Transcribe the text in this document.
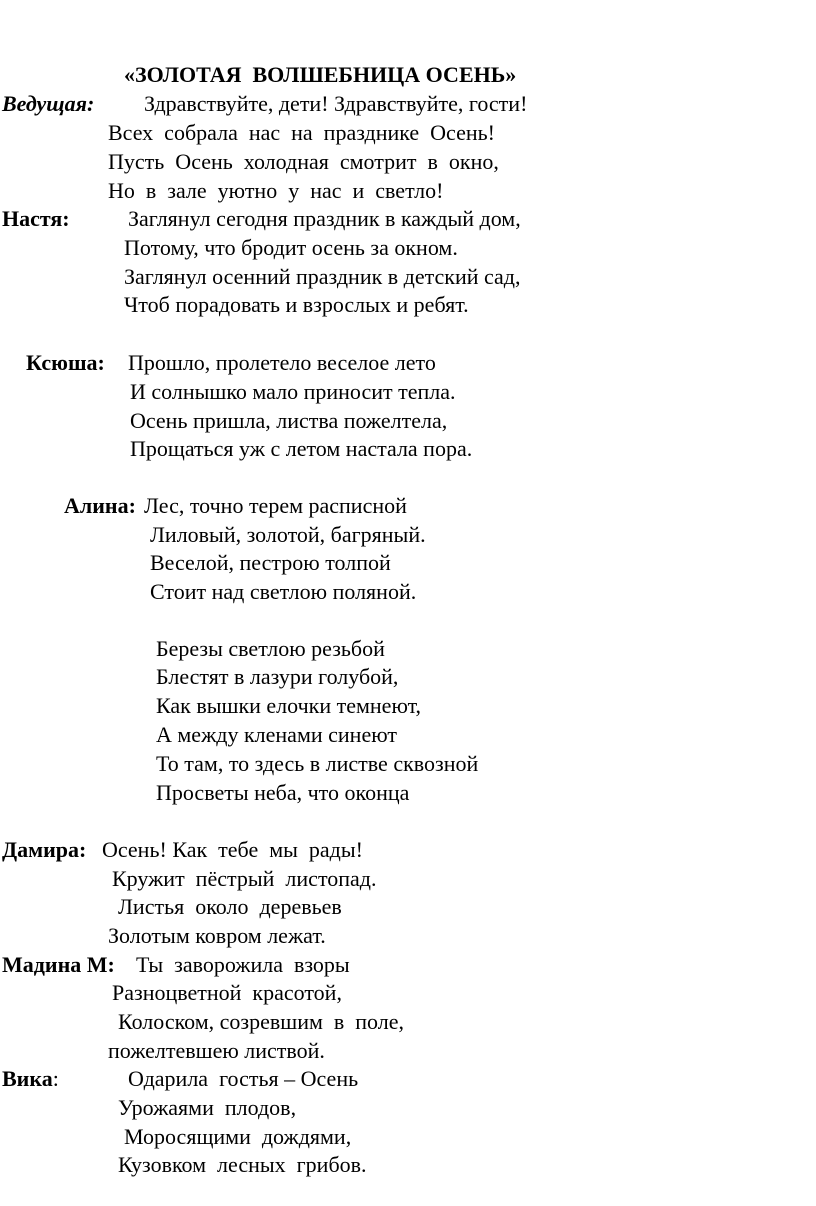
«ЗОЛОТАЯ  ВОЛШЕБНИЦА ОСЕНЬ»
Ведущая: Здравствуйте, дети! Здравствуйте, гости!
Всех  собрала  нас  на  празднике  Осень!
Пусть  Осень  холодная  смотрит  в  окно,
Но  в  зале  уютно  у  нас  и  светло!
Настя:	Заглянул сегодня праздник в каждый дом,
Потому, что бродит осень за окном.
Заглянул осенний праздник в детский сад,
Чтоб порадовать и взрослых и ребят.
Ксюша: Прошло, пролетело веселое лето
И солнышко мало приносит тепла.
Осень пришла, листва пожелтела,
Прощаться уж с летом настала пора.
Алина: Лес, точно терем расписной
Лиловый, золотой, багряный.
Веселой, пестрою толпой
Стоит над светлою поляной.
Березы светлою резьбой
Блестят в лазури голубой,
Как вышки елочки темнеют,
А между кленами синеют
То там, то здесь в листве сквозной
Просветы неба, что оконца
Дамира: Осень! Как  тебе  мы  рады!
Кружит  пёстрый  листопад.
Листья  около  деревьев
Золотым ковром лежат.
Мадина М: Ты  заворожила  взоры
Разноцветной  красотой,
Колоском, созревшим  в  поле,
пожелтевшею листвой.
Вика:	Одарила  гостья – Осень
Урожаями  плодов,
Моросящими  дождями,
Кузовком  лесных  грибов.
